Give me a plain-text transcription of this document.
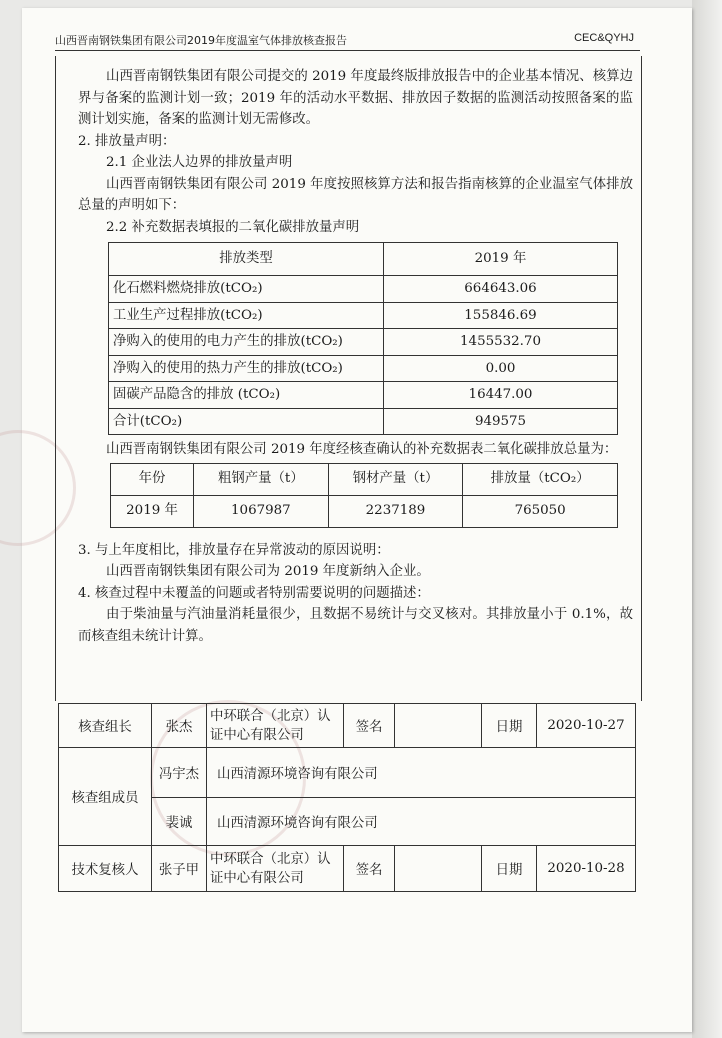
山西晋南钢铁集团有限公司2019年度温室气体排放核查报告	CEC&QYHJ

山西晋南钢铁集团有限公司提交的 2019 年度最终版排放报告中的企业基本情况、核算边界与备案的监测计划一致；2019 年的活动水平数据、排放因子数据的监测活动按照备案的监测计划实施，备案的监测计划无需修改。

2. 排放量声明：

2.1 企业法人边界的排放量声明

山西晋南钢铁集团有限公司 2019 年度按照核算方法和报告指南核算的企业温室气体排放总量的声明如下：

2.2 补充数据表填报的二氧化碳排放量声明

排放类型	2019 年
化石燃料燃烧排放(tCO₂)	664643.06
工业生产过程排放(tCO₂)	155846.69
净购入的使用的电力产生的排放(tCO₂)	1455532.70
净购入的使用的热力产生的排放(tCO₂)	0.00
固碳产品隐含的排放 (tCO₂)	16447.00
合计(tCO₂)	949575

山西晋南钢铁集团有限公司 2019 年度经核查确认的补充数据表二氧化碳排放总量为：

年份	粗钢产量（t）	钢材产量（t）	排放量（tCO₂）
2019 年	1067987	2237189	765050

3. 与上年度相比，排放量存在异常波动的原因说明：

山西晋南钢铁集团有限公司为 2019 年度新纳入企业。

4. 核查过程中未覆盖的问题或者特别需要说明的问题描述：

由于柴油量与汽油量消耗量很少，且数据不易统计与交叉核对。其排放量小于 0.1%，故而核查组未统计计算。

核查组长	张杰	中环联合（北京）认证中心有限公司	签名		日期	2020-10-27
核查组成员	冯宇杰	山西清源环境咨询有限公司				
	裴诚	山西清源环境咨询有限公司				
技术复核人	张子甲	中环联合（北京）认证中心有限公司	签名		日期	2020-10-28
